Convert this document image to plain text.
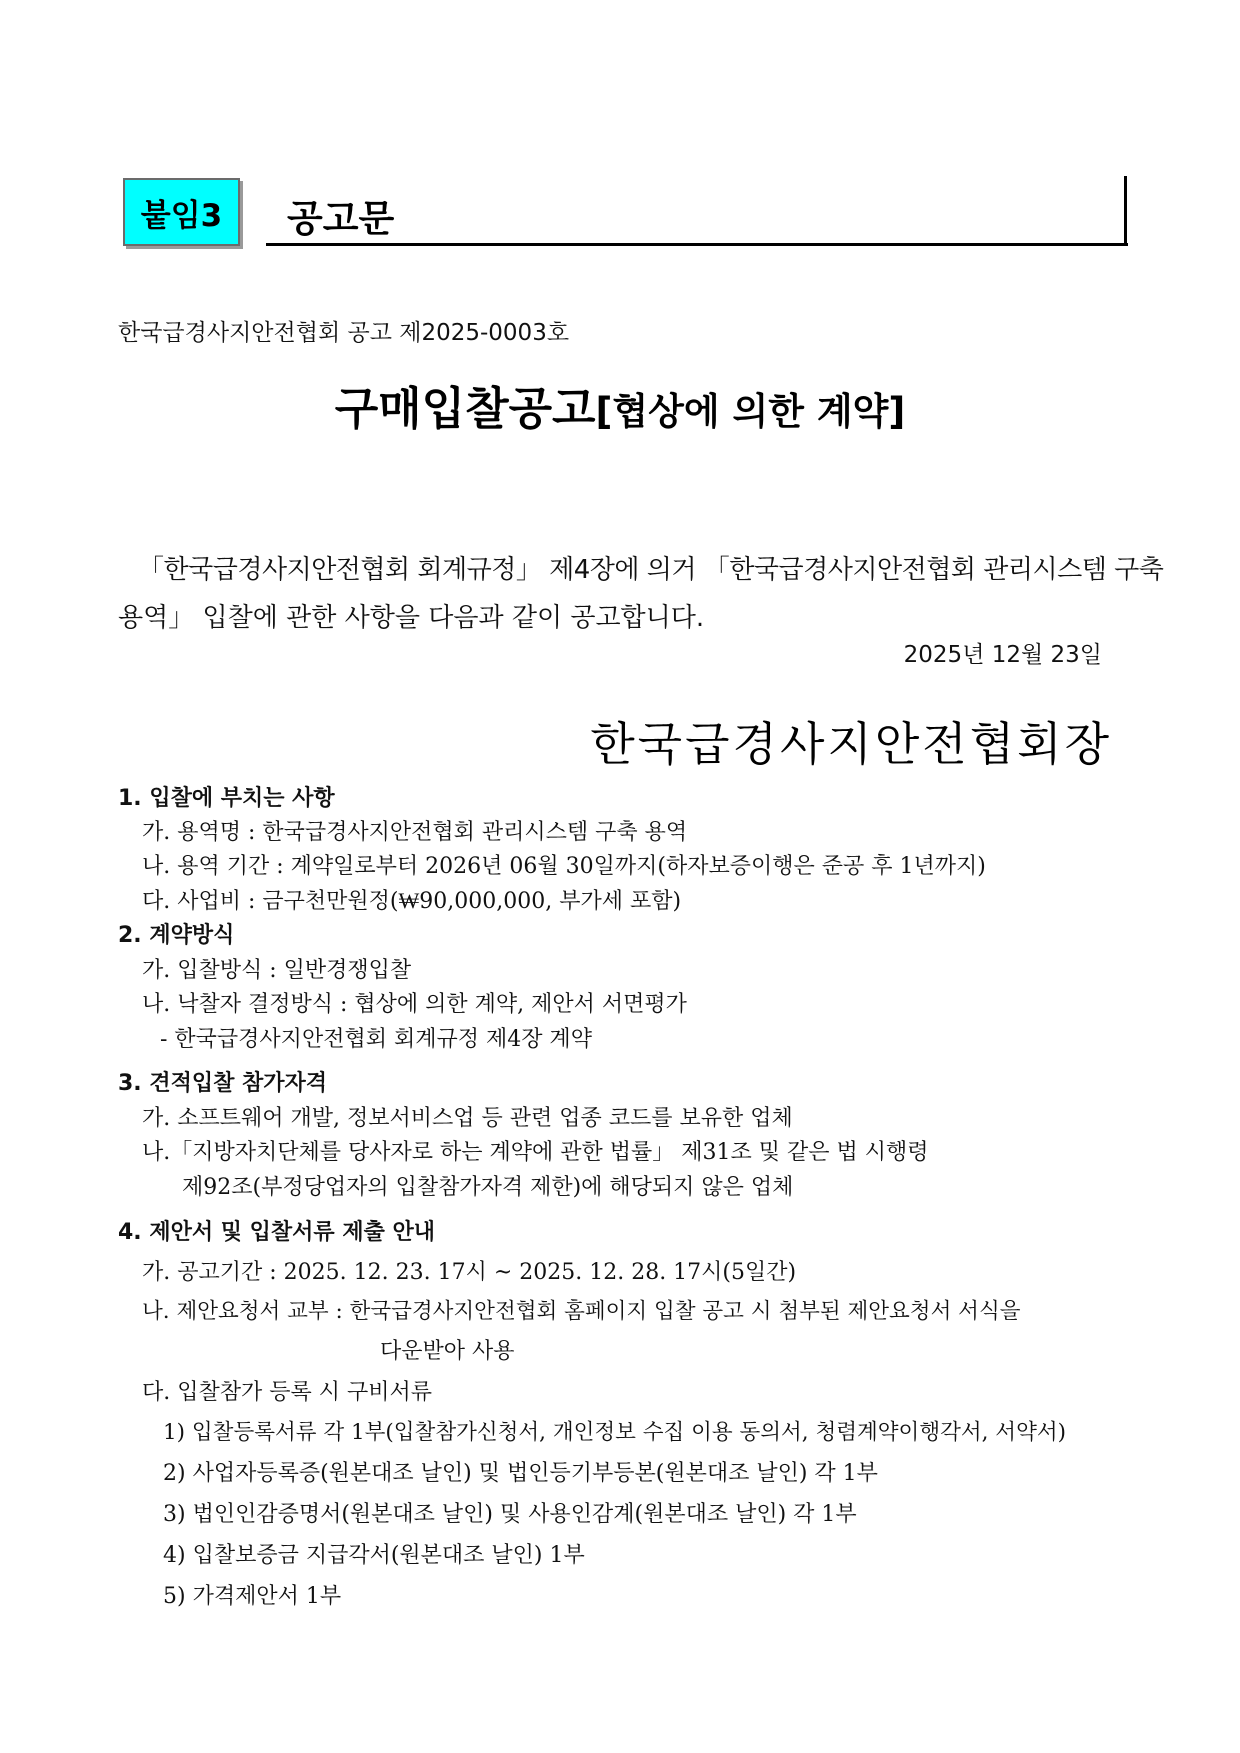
붙임3	공고문
한국급경사지안전협회 공고 제2025-0003호
구매입찰공고[협상에 의한 계약]
「한국급경사지안전협회 회계규정」 제4장에 의거 「한국급경사지안전협회 관리시스템 구축
용역」 입찰에 관한 사항을 다음과 같이 공고합니다.
2025년 12월 23일
한국급경사지안전협회장
1. 입찰에 부치는 사항
가. 용역명 : 한국급경사지안전협회 관리시스템 구축 용역
나. 용역 기간 : 계약일로부터 2026년 06월 30일까지(하자보증이행은 준공 후 1년까지)
다. 사업비 : 금구천만원정(₩90,000,000, 부가세 포함)
2. 계약방식
가. 입찰방식 : 일반경쟁입찰
나. 낙찰자 결정방식 : 협상에 의한 계약, 제안서 서면평가
- 한국급경사지안전협회 회계규정 제4장 계약
3. 견적입찰 참가자격
가. 소프트웨어 개발, 정보서비스업 등 관련 업종 코드를 보유한 업체
나.「지방자치단체를 당사자로 하는 계약에 관한 법률」 제31조 및 같은 법 시행령
제92조(부정당업자의 입찰참가자격 제한)에 해당되지 않은 업체
4. 제안서 및 입찰서류 제출 안내
가. 공고기간 : 2025. 12. 23. 17시 ~ 2025. 12. 28. 17시(5일간)
나. 제안요청서 교부 : 한국급경사지안전협회 홈페이지 입찰 공고 시 첨부된 제안요청서 서식을
다운받아 사용
다. 입찰참가 등록 시 구비서류
1) 입찰등록서류 각 1부(입찰참가신청서, 개인정보 수집 이용 동의서, 청렴계약이행각서, 서약서)
2) 사업자등록증(원본대조 날인) 및 법인등기부등본(원본대조 날인) 각 1부
3) 법인인감증명서(원본대조 날인) 및 사용인감계(원본대조 날인) 각 1부
4) 입찰보증금 지급각서(원본대조 날인) 1부
5) 가격제안서 1부
